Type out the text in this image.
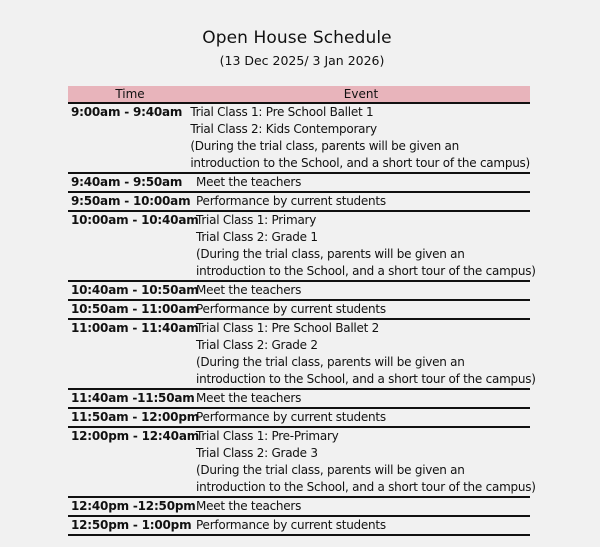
Open House Schedule
(13 Dec 2025/ 3 Jan 2026)
Time	Event
9:00am - 9:40am Trial Class 1: Pre School Ballet 1
Trial Class 2: Kids Contemporary
(During the trial class, parents will be given an
introduction to the School, and a short tour of the campus)
9:40am - 9:50am	Meet the teachers
9:50am - 10:00am Performance by current students
10:00am - 10:40am
Trial Class 1: Primary
Trial Class 2: Grade 1
(During the trial class, parents will be given an
introduction to the School, and a short tour of the campus)
10:40am - 10:50am
Meet the teachers
10:50am - 11:00am
Performance by current students
11:00am - 11:40am
Trial Class 1: Pre School Ballet 2
Trial Class 2: Grade 2
(During the trial class, parents will be given an
introduction to the School, and a short tour of the campus)
11:40am -11:50am Meet the teachers
11:50am - 12:00pm
Performance by current students
12:00pm - 12:40am
Trial Class 1: Pre-Primary
Trial Class 2: Grade 3
(During the trial class, parents will be given an
introduction to the School, and a short tour of the campus)
12:40pm -12:50pm Meet the teachers
12:50pm - 1:00pm Performance by current students
